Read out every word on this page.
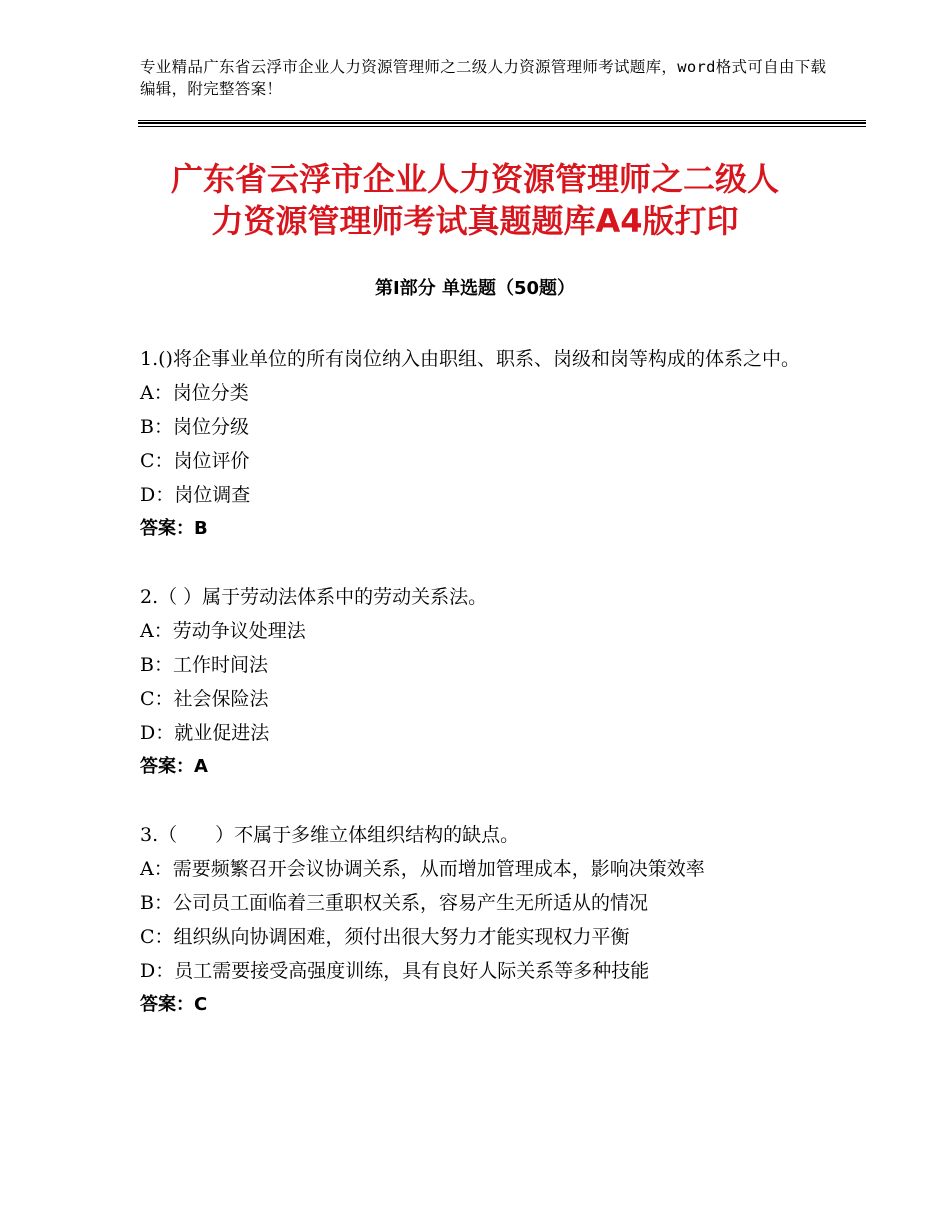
专业精品广东省云浮市企业人力资源管理师之二级人力资源管理师考试题库，word格式可自由下载编辑，附完整答案！
广东省云浮市企业人力资源管理师之二级人
力资源管理师考试真题题库A4版打印
第Ⅰ部分 单选题（50题）
1.()将企事业单位的所有岗位纳入由职组、职系、岗级和岗等构成的体系之中。
A：岗位分类
B：岗位分级
C：岗位评价
D：岗位调查
答案：B
2.（ ）属于劳动法体系中的劳动关系法。
A：劳动争议处理法
B：工作时间法
C：社会保险法
D：就业促进法
答案：A
3.（　　）不属于多维立体组织结构的缺点。
A：需要频繁召开会议协调关系，从而增加管理成本，影响决策效率
B：公司员工面临着三重职权关系，容易产生无所适从的情况
C：组织纵向协调困难，须付出很大努力才能实现权力平衡
D：员工需要接受高强度训练，具有良好人际关系等多种技能
答案：C
